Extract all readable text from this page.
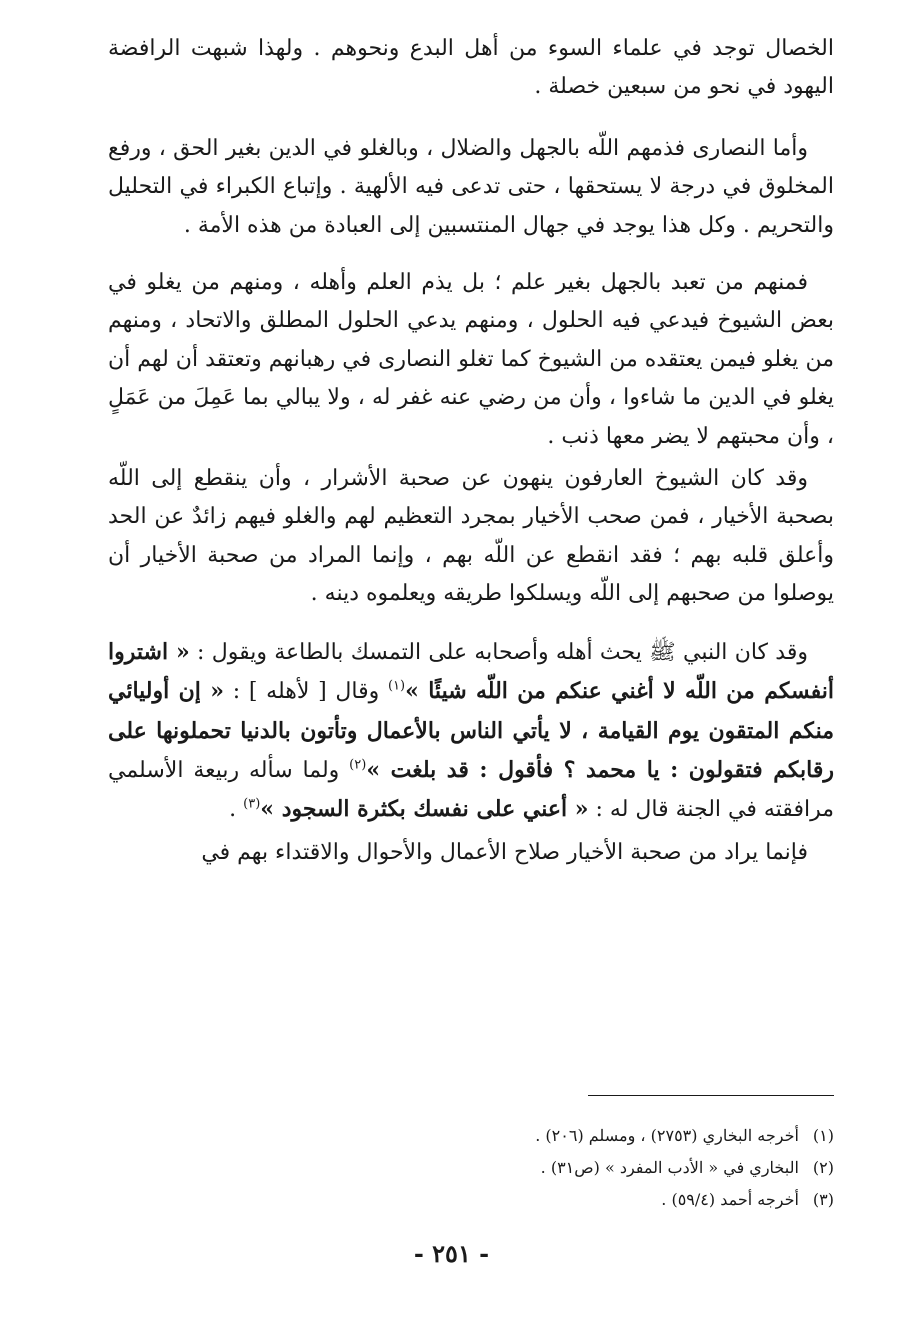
الخصال توجد في علماء السوء من أهل البدع ونحوهم . ولهذا شبهت الرافضة اليهود في نحو من سبعين خصلة .

وأما النصارى فذمهم اللّه بالجهل والضلال ، وبالغلو في الدين بغير الحق ، ورفع المخلوق في درجة لا يستحقها ، حتى تدعى فيه الألهية . وإتباع الكبراء في التحليل والتحريم . وكل هذا يوجد في جهال المنتسبين إلى العبادة من هذه الأمة .

فمنهم من تعبد بالجهل بغير علم ؛ بل يذم العلم وأهله ، ومنهم من يغلو في بعض الشيوخ فيدعي فيه الحلول ، ومنهم يدعي الحلول المطلق والاتحاد ، ومنهم من يغلو فيمن يعتقده من الشيوخ كما تغلو النصارى في رهبانهم وتعتقد أن لهم أن يغلو في الدين ما شاءوا ، وأن من رضي عنه غفر له ، ولا يبالي بما عَمِلَ من عَمَلٍ ، وأن محبتهم لا يضر معها ذنب .

وقد كان الشيوخ العارفون ينهون عن صحبة الأشرار ، وأن ينقطع إلى اللّه بصحبة الأخيار ، فمن صحب الأخيار بمجرد التعظيم لهم والغلو فيهم زائدٌ عن الحد وأعلق قلبه بهم ؛ فقد انقطع عن اللّه بهم ، وإنما المراد من صحبة الأخيار أن يوصلوا من صحبهم إلى اللّه ويسلكوا طريقه ويعلموه دينه .

وقد كان النبي ﷺ يحث أهله وأصحابه على التمسك بالطاعة ويقول : « اشتروا أنفسكم من اللّه لا أغني عنكم من اللّه شيئًا »$^{(١)}$ وقال [ لأهله ] : « إن أوليائي منكم المتقون يوم القيامة ، لا يأتي الناس بالأعمال وتأتون بالدنيا تحملونها على رقابكم فتقولون : يا محمد ؟ فأقول : قد بلغت »$^{(٢)}$ ولما سأله ربيعة الأسلمي مرافقته في الجنة قال له : « أعني على نفسك بكثرة السجود »$^{(٣)}$ .

فإنما يراد من صحبة الأخيار صلاح الأعمال والأحوال والاقتداء بهم في

(١) أخرجه البخاري (٢٧٥٣) ، ومسلم (٢٠٦) .

(٢) البخاري في « الأدب المفرد » (ص٣١) .

(٣) أخرجه أحمد (٥٩/٤) .

- ٢٥١ -
